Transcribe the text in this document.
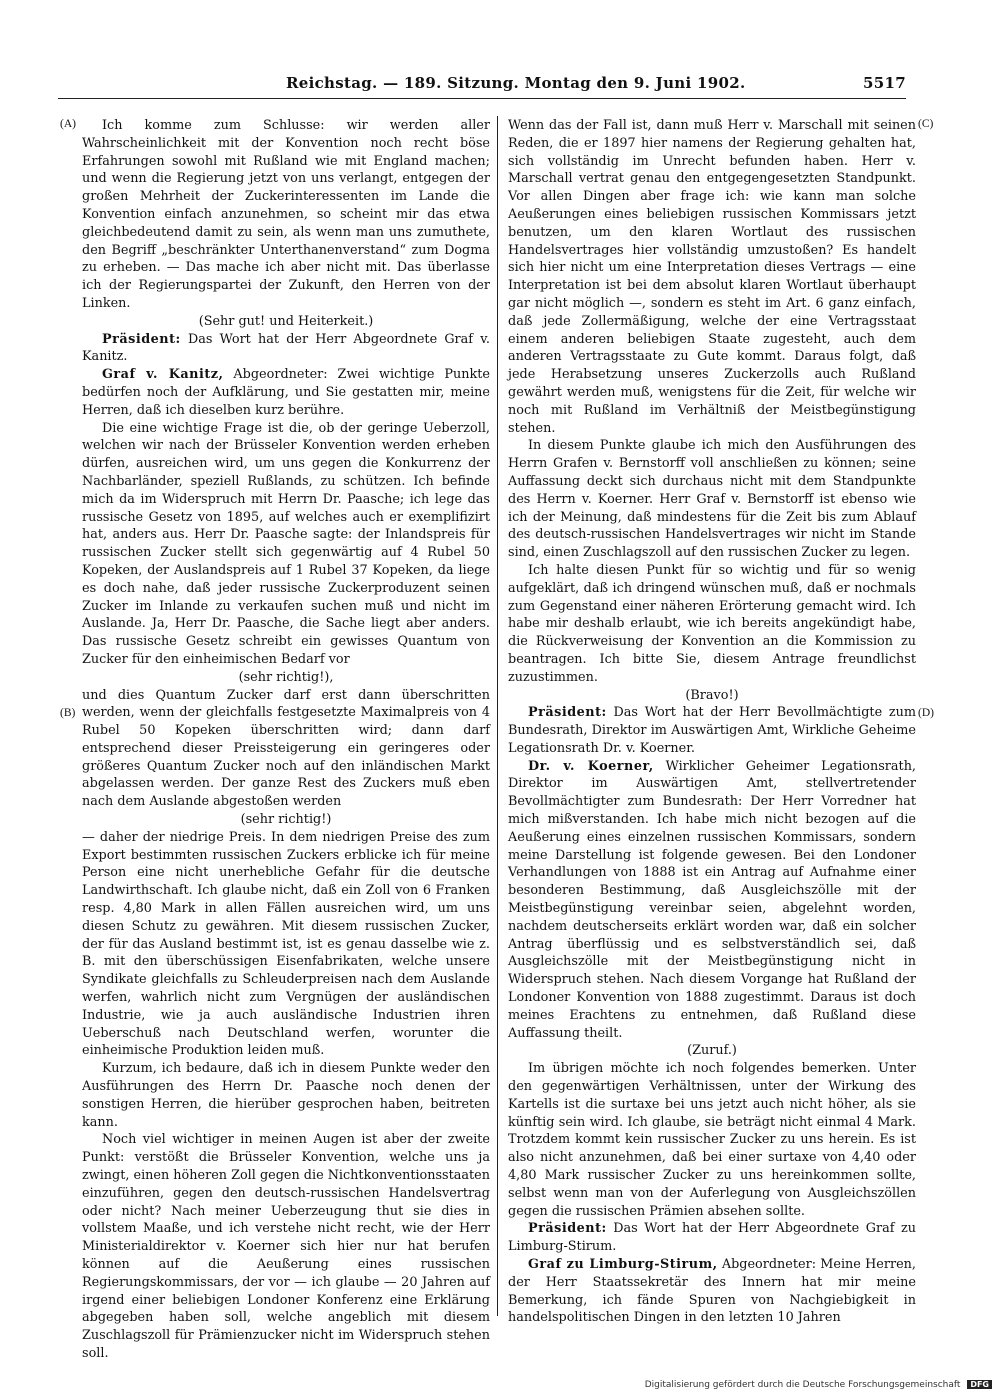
Reichstag. — 189. Sitzung. Montag den 9. Juni 1902.	5517
(A)
(B)
(C)
(D)

Ich komme zum Schlusse: wir werden aller Wahrscheinlichkeit mit der Konvention noch recht böse Erfahrungen sowohl mit Rußland wie mit England machen; und wenn die Regierung jetzt von uns verlangt, entgegen der großen Mehrheit der Zuckerinteressenten im Lande die Konvention einfach anzunehmen, so scheint mir das etwa gleichbedeutend damit zu sein, als wenn man uns zumuthete, den Begriff „beschränkter Unterthanenverstand“ zum Dogma zu erheben. — Das mache ich aber nicht mit. Das überlasse ich der Regierungspartei der Zukunft, den Herren von der Linken.

(Sehr gut! und Heiterkeit.)

Präsident: Das Wort hat der Herr Abgeordnete Graf v. Kanitz.

Graf v. Kanitz, Abgeordneter: Zwei wichtige Punkte bedürfen noch der Aufklärung, und Sie gestatten mir, meine Herren, daß ich dieselben kurz berühre.

Die eine wichtige Frage ist die, ob der geringe Ueberzoll, welchen wir nach der Brüsseler Konvention werden erheben dürfen, ausreichen wird, um uns gegen die Konkurrenz der Nachbarländer, speziell Rußlands, zu schützen. Ich befinde mich da im Widerspruch mit Herrn Dr. Paasche; ich lege das russische Gesetz von 1895, auf welches auch er exemplifizirt hat, anders aus. Herr Dr. Paasche sagte: der Inlandspreis für russischen Zucker stellt sich gegenwärtig auf 4 Rubel 50 Kopeken, der Auslandspreis auf 1 Rubel 37 Kopeken, da liege es doch nahe, daß jeder russische Zuckerproduzent seinen Zucker im Inlande zu verkaufen suchen muß und nicht im Auslande. Ja, Herr Dr. Paasche, die Sache liegt aber anders. Das russische Gesetz schreibt ein gewisses Quantum von Zucker für den einheimischen Bedarf vor

(sehr richtig!),

und dies Quantum Zucker darf erst dann überschritten werden, wenn der gleichfalls festgesetzte Maximalpreis von 4 Rubel 50 Kopeken überschritten wird; dann darf entsprechend dieser Preissteigerung ein geringeres oder größeres Quantum Zucker noch auf den inländischen Markt abgelassen werden. Der ganze Rest des Zuckers muß eben nach dem Auslande abgestoßen werden

(sehr richtig!)

— daher der niedrige Preis. In dem niedrigen Preise des zum Export bestimmten russischen Zuckers erblicke ich für meine Person eine nicht unerhebliche Gefahr für die deutsche Landwirthschaft. Ich glaube nicht, daß ein Zoll von 6 Franken resp. 4,80 Mark in allen Fällen ausreichen wird, um uns diesen Schutz zu gewähren. Mit diesem russischen Zucker, der für das Ausland bestimmt ist, ist es genau dasselbe wie z. B. mit den überschüssigen Eisenfabrikaten, welche unsere Syndikate gleichfalls zu Schleuderpreisen nach dem Auslande werfen, wahrlich nicht zum Vergnügen der ausländischen Industrie, wie ja auch ausländische Industrien ihren Ueberschuß nach Deutschland werfen, worunter die einheimische Produktion leiden muß.

Kurzum, ich bedaure, daß ich in diesem Punkte weder den Ausführungen des Herrn Dr. Paasche noch denen der sonstigen Herren, die hierüber gesprochen haben, beitreten kann.

Noch viel wichtiger in meinen Augen ist aber der zweite Punkt: verstößt die Brüsseler Konvention, welche uns ja zwingt, einen höheren Zoll gegen die Nichtkonventionsstaaten einzuführen, gegen den deutsch-russischen Handelsvertrag oder nicht? Nach meiner Ueberzeugung thut sie dies in vollstem Maaße, und ich verstehe nicht recht, wie der Herr Ministerialdirektor v. Koerner sich hier nur hat berufen können auf die Aeußerung eines russischen Regierungskommissars, der vor — ich glaube — 20 Jahren auf irgend einer beliebigen Londoner Konferenz eine Erklärung abgegeben haben soll, welche angeblich mit diesem Zuschlagszoll für Prämienzucker nicht im Widerspruch stehen soll.

Wenn das der Fall ist, dann muß Herr v. Marschall mit seinen Reden, die er 1897 hier namens der Regierung gehalten hat, sich vollständig im Unrecht befunden haben. Herr v. Marschall vertrat genau den entgegengesetzten Standpunkt. Vor allen Dingen aber frage ich: wie kann man solche Aeußerungen eines beliebigen russischen Kommissars jetzt benutzen, um den klaren Wortlaut des russischen Handelsvertrages hier vollständig umzustoßen? Es handelt sich hier nicht um eine Interpretation dieses Vertrags — eine Interpretation ist bei dem absolut klaren Wortlaut überhaupt gar nicht möglich —, sondern es steht im Art. 6 ganz einfach, daß jede Zollermäßigung, welche der eine Vertragsstaat einem anderen beliebigen Staate zugesteht, auch dem anderen Vertragsstaate zu Gute kommt. Daraus folgt, daß jede Herabsetzung unseres Zuckerzolls auch Rußland gewährt werden muß, wenigstens für die Zeit, für welche wir noch mit Rußland im Verhältniß der Meistbegünstigung stehen.

In diesem Punkte glaube ich mich den Ausführungen des Herrn Grafen v. Bernstorff voll anschließen zu können; seine Auffassung deckt sich durchaus nicht mit dem Standpunkte des Herrn v. Koerner. Herr Graf v. Bernstorff ist ebenso wie ich der Meinung, daß mindestens für die Zeit bis zum Ablauf des deutsch-russischen Handelsvertrages wir nicht im Stande sind, einen Zuschlagszoll auf den russischen Zucker zu legen.

Ich halte diesen Punkt für so wichtig und für so wenig aufgeklärt, daß ich dringend wünschen muß, daß er nochmals zum Gegenstand einer näheren Erörterung gemacht wird. Ich habe mir deshalb erlaubt, wie ich bereits angekündigt habe, die Rückverweisung der Konvention an die Kommission zu beantragen. Ich bitte Sie, diesem Antrage freundlichst zuzustimmen.

(Bravo!)

Präsident: Das Wort hat der Herr Bevollmächtigte zum Bundesrath, Direktor im Auswärtigen Amt, Wirkliche Geheime Legationsrath Dr. v. Koerner.

Dr. v. Koerner, Wirklicher Geheimer Legationsrath, Direktor im Auswärtigen Amt, stellvertretender Bevollmächtigter zum Bundesrath: Der Herr Vorredner hat mich mißverstanden. Ich habe mich nicht bezogen auf die Aeußerung eines einzelnen russischen Kommissars, sondern meine Darstellung ist folgende gewesen. Bei den Londoner Verhandlungen von 1888 ist ein Antrag auf Aufnahme einer besonderen Bestimmung, daß Ausgleichszölle mit der Meistbegünstigung vereinbar seien, abgelehnt worden, nachdem deutscherseits erklärt worden war, daß ein solcher Antrag überflüssig und es selbstverständlich sei, daß Ausgleichszölle mit der Meistbegünstigung nicht in Widerspruch stehen. Nach diesem Vorgange hat Rußland der Londoner Konvention von 1888 zugestimmt. Daraus ist doch meines Erachtens zu entnehmen, daß Rußland diese Auffassung theilt.

(Zuruf.)

Im übrigen möchte ich noch folgendes bemerken. Unter den gegenwärtigen Verhältnissen, unter der Wirkung des Kartells ist die surtaxe bei uns jetzt auch nicht höher, als sie künftig sein wird. Ich glaube, sie beträgt nicht einmal 4 Mark. Trotzdem kommt kein russischer Zucker zu uns herein. Es ist also nicht anzunehmen, daß bei einer surtaxe von 4,40 oder 4,80 Mark russischer Zucker zu uns hereinkommen sollte, selbst wenn man von der Auferlegung von Ausgleichszöllen gegen die russischen Prämien absehen sollte.

Präsident: Das Wort hat der Herr Abgeordnete Graf zu Limburg-Stirum.

Graf zu Limburg-Stirum, Abgeordneter: Meine Herren, der Herr Staatssekretär des Innern hat mir meine Bemerkung, ich fände Spuren von Nachgiebigkeit in handelspolitischen Dingen in den letzten 10 Jahren

Digitalisierung gefördert durch die Deutsche Forschungsgemeinschaft DFG
